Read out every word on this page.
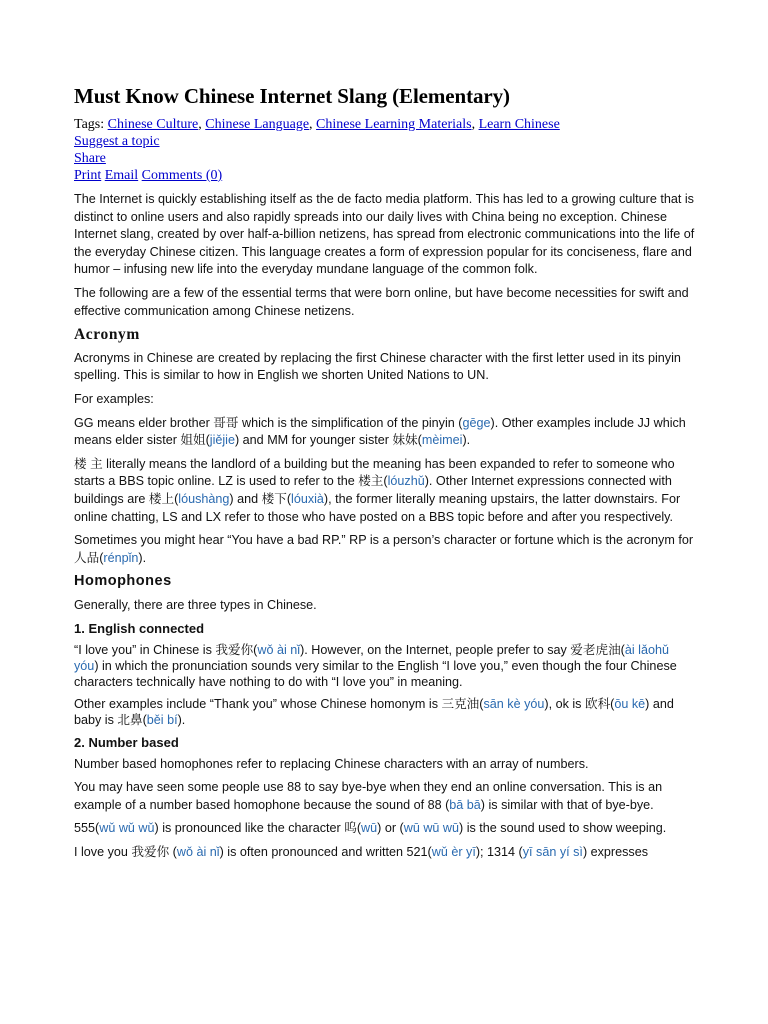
Must Know Chinese Internet Slang (Elementary)
Tags: Chinese Culture, Chinese Language, Chinese Learning Materials, Learn Chinese
Suggest a topic
Share
Print Email Comments (0)

The Internet is quickly establishing itself as the de facto media platform. This has led to a growing culture that is distinct to online users and also rapidly spreads into our daily lives with China being no exception. Chinese Internet slang, created by over half-a-billion netizens, has spread from electronic communications into the life of the everyday Chinese citizen. This language creates a form of expression popular for its conciseness, flare and humor – infusing new life into the everyday mundane language of the common folk.

The following are a few of the essential terms that were born online, but have become necessities for swift and effective communication among Chinese netizens.

Acronym

Acronyms in Chinese are created by replacing the first Chinese character with the first letter used in its pinyin spelling. This is similar to how in English we shorten United Nations to UN.

For examples:

GG means elder brother 哥哥 which is the simplification of the pinyin (gēge). Other examples include JJ which means elder sister 姐姐(jiějie) and MM for younger sister 妹妹(mèimei).

楼 主 literally means the landlord of a building but the meaning has been expanded to refer to someone who starts a BBS topic online. LZ is used to refer to the 楼主(lóuzhǔ). Other Internet expressions connected with buildings are 楼上(lóushàng) and 楼下(lóuxià), the former literally meaning upstairs, the latter downstairs. For online chatting, LS and LX refer to those who have posted on a BBS topic before and after you respectively.

Sometimes you might hear “You have a bad RP.” RP is a person’s character or fortune which is the acronym for 人品(rénpǐn).

Homophones

Generally, there are three types in Chinese.

1. English connected

“I love you” in Chinese is 我爱你(wǒ ài nǐ). However, on the Internet, people prefer to say 爱老虎油(ài lǎohǔ yóu) in which the pronunciation sounds very similar to the English “I love you,” even though the four Chinese characters technically have nothing to do with “I love you” in meaning.

Other examples include “Thank you” whose Chinese homonym is 三克油(sān kè yóu), ok is 欧科(ōu kē) and baby is 北鼻(běi bí).

2. Number based

Number based homophones refer to replacing Chinese characters with an array of numbers.

You may have seen some people use 88 to say bye-bye when they end an online conversation. This is an example of a number based homophone because the sound of 88 (bā bā) is similar with that of bye-bye.

555(wǔ wǔ wǔ) is pronounced like the character 呜(wū) or (wū wū wū) is the sound used to show weeping.

I love you 我爱你 (wǒ ài nǐ) is often pronounced and written 521(wǔ èr yī); 1314 (yī sān yí sì) expresses
